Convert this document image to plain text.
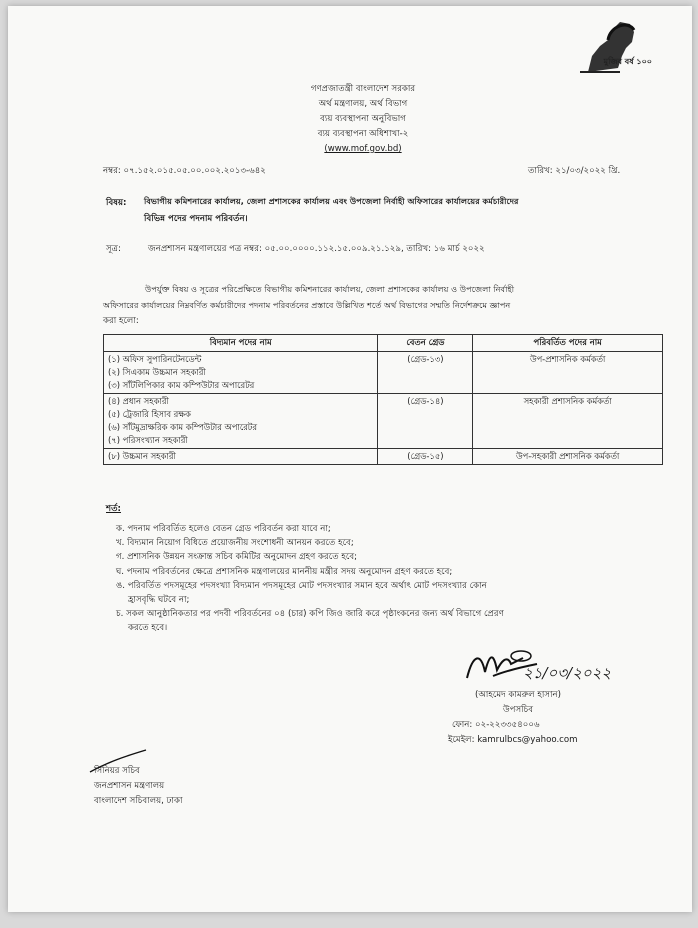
মুজিব বর্ষ ১০০
গণপ্রজাতন্ত্রী বাংলাদেশ সরকার
অর্থ মন্ত্রণালয়, অর্থ বিভাগ
ব্যয় ব্যবস্থাপনা অনুবিভাগ
ব্যয় ব্যবস্থাপনা অধিশাখা-২
(www.mof.gov.bd)
নম্বর: ০৭.১৫২.০১৫.০৫.০০.০০২.২০১৩-৬৪২	তারিখ: ২১/০৩/২০২২ খ্রি.
বিষয়: বিভাগীয় কমিশনারের কার্যালয়, জেলা প্রশাসকের কার্যালয় এবং উপজেলা নির্বাহী অফিসারের কার্যালয়ের কর্মচারীদের
বিভিন্ন পদের পদনাম পরিবর্তন।
সূত্র:	জনপ্রশাসন মন্ত্রণালয়ের পত্র নম্বর: ০৫.০০.০০০০.১১২.১৫.০০৯.২১.১২৯, তারিখ: ১৬ মার্চ ২০২২
উপর্যুক্ত বিষয় ও সূত্রের পরিপ্রেক্ষিতে বিভাগীয় কমিশনারের কার্যালয়, জেলা প্রশাসকের কার্যালয় ও উপজেলা নির্বাহী
অফিসারের কার্যালয়ের নিম্নবর্ণিত কর্মচারীদের পদনাম পরিবর্তনের প্রস্তাবে উল্লিখিত শর্তে অর্থ বিভাগের সম্মতি নির্দেশক্রমে জ্ঞাপন
করা হলো:
বিদ্যমান পদের নাম	বেতন গ্রেড	পরিবর্তিত পদের নাম

(১) অফিস সুপারিনটেনডেন্ট
(২) সিএকাম উচ্চমান সহকারী
(৩) সাঁটলিপিকার কাম কম্পিউটার অপারেটর	(গ্রেড-১৩)	উপ-প্রশাসনিক কর্মকর্তা

(৪) প্রধান সহকারী
(৫) ট্রেজারি হিসাব রক্ষক
(৬) সাঁটমুদ্রাক্ষরিক কাম কম্পিউটার অপারেটর
(৭) পরিসংখ্যান সহকারী	(গ্রেড-১৪)	সহকারী প্রশাসনিক কর্মকর্তা

(৮) উচ্চমান সহকারী	(গ্রেড-১৫)	উপ-সহকারী প্রশাসনিক কর্মকর্তা
শর্ত:
ক. পদনাম পরিবর্তিত হলেও বেতন গ্রেড পরিবর্তন করা যাবে না;
খ. বিদ্যমান নিয়োগ বিধিতে প্রয়োজনীয় সংশোধনী আনয়ন করতে হবে;
গ. প্রশাসনিক উন্নয়ন সংক্রান্ত সচিব কমিটির অনুমোদন গ্রহণ করতে হবে;
ঘ. পদনাম পরিবর্তনের ক্ষেত্রে প্রশাসনিক মন্ত্রণালয়ের মাননীয় মন্ত্রীর সদয় অনুমোদন গ্রহণ করতে হবে;
ঙ. পরিবর্তিত পদসমূহের পদসংখ্যা বিদ্যমান পদসমূহের মোট পদসংখ্যার সমান হবে অর্থাৎ মোট পদসংখ্যার কোন
হ্রাসবৃদ্ধি ঘটবে না;
চ. সকল আনুষ্ঠানিকতার পর পদবী পরিবর্তনের ০৪ (চার) কপি জিও জারি করে পৃষ্ঠাংকনের জন্য অর্থ বিভাগে প্রেরণ
করতে হবে।
২১/০৩/২০২২
(আহমেদ কামরুল হাসান)
উপসচিব
ফোন: ০২-২২৩৩৫৪০০৬
ইমেইল: kamrulbcs@yahoo.com
সিনিয়র সচিব
জনপ্রশাসন মন্ত্রণালয়
বাংলাদেশ সচিবালয়, ঢাকা
